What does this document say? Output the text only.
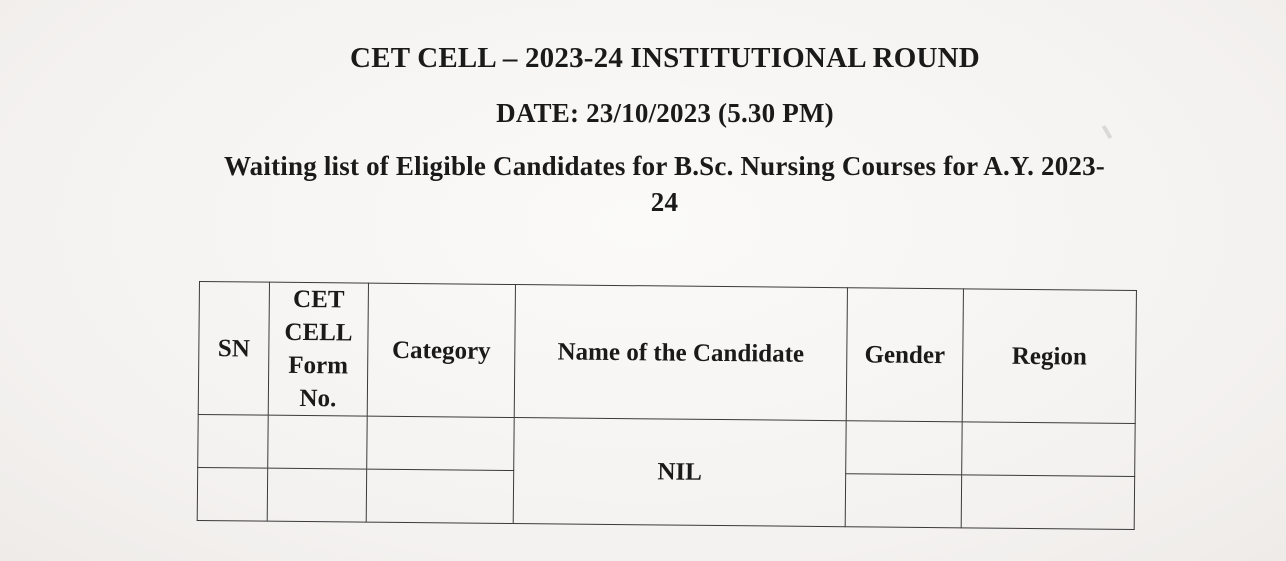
CET CELL – 2023-24 INSTITUTIONAL ROUND
DATE: 23/10/2023 (5.30 PM)
Waiting list of Eligible Candidates for B.Sc. Nursing Courses for A.Y. 2023-24
SN	CET CELL Form No.	Category	Name of the Candidate	Gender	Region
			NIL		
